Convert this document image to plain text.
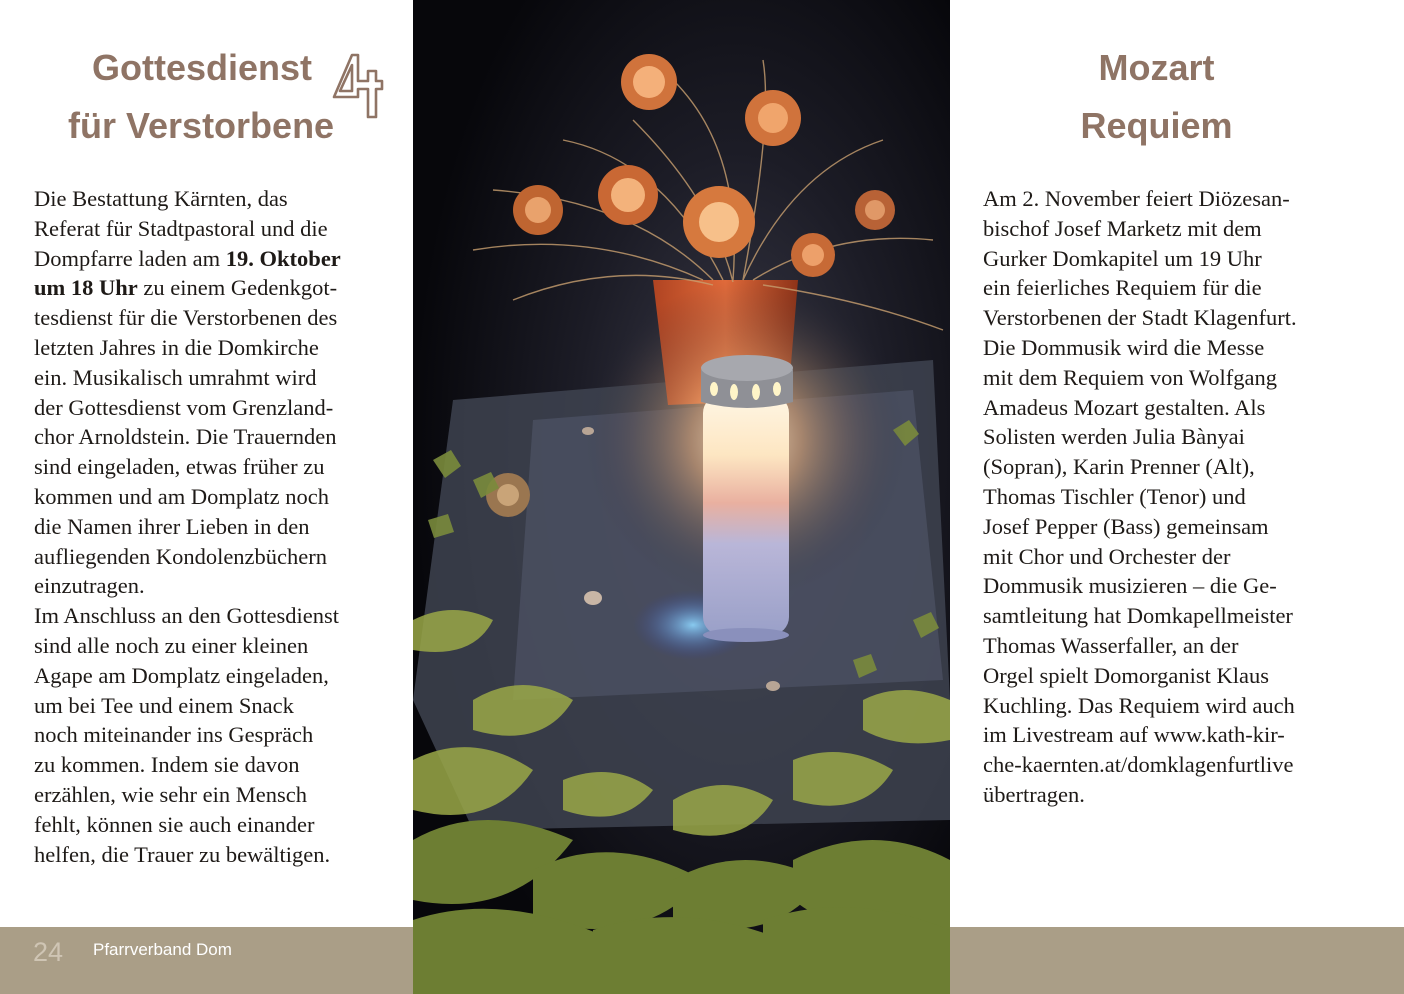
Gottesdienst
für Verstorbene
Die Bestattung Kärnten, das
Referat für Stadtpastoral und die
Dompfarre laden am 19. Oktober
um 18 Uhr zu einem Gedenkgot-
tesdienst für die Verstorbenen des
letzten Jahres in die Domkirche
ein. Musikalisch umrahmt wird
der Gottesdienst vom Grenzland-
chor Arnoldstein. Die Trauernden
sind eingeladen, etwas früher zu
kommen und am Domplatz noch
die Namen ihrer Lieben in den
aufliegenden Kondolenzbüchern
einzutragen.
Im Anschluss an den Gottesdienst
sind alle noch zu einer kleinen
Agape am Domplatz eingeladen,
um bei Tee und einem Snack
noch miteinander ins Gespräch
zu kommen. Indem sie davon
erzählen, wie sehr ein Mensch
fehlt, können sie auch einander
helfen, die Trauer zu bewältigen.
Mozart
Requiem
Am 2. November feiert Diözesan-
bischof Josef Marketz mit dem
Gurker Domkapitel um 19 Uhr
ein feierliches Requiem für die
Verstorbenen der Stadt Klagenfurt.
Die Dommusik wird die Messe
mit dem Requiem von Wolfgang
Amadeus Mozart gestalten. Als
Solisten werden Julia Bànyai
(Sopran), Karin Prenner (Alt),
Thomas Tischler (Tenor) und
Josef Pepper (Bass) gemeinsam
mit Chor und Orchester der
Dommusik musizieren – die Ge-
samtleitung hat Domkapellmeister
Thomas Wasserfaller, an der
Orgel spielt Domorganist Klaus
Kuchling. Das Requiem wird auch
im Livestream auf www.kath-kir-
che-kaernten.at/domklagenfurtlive
übertragen.
24 Pfarrverband Dom
